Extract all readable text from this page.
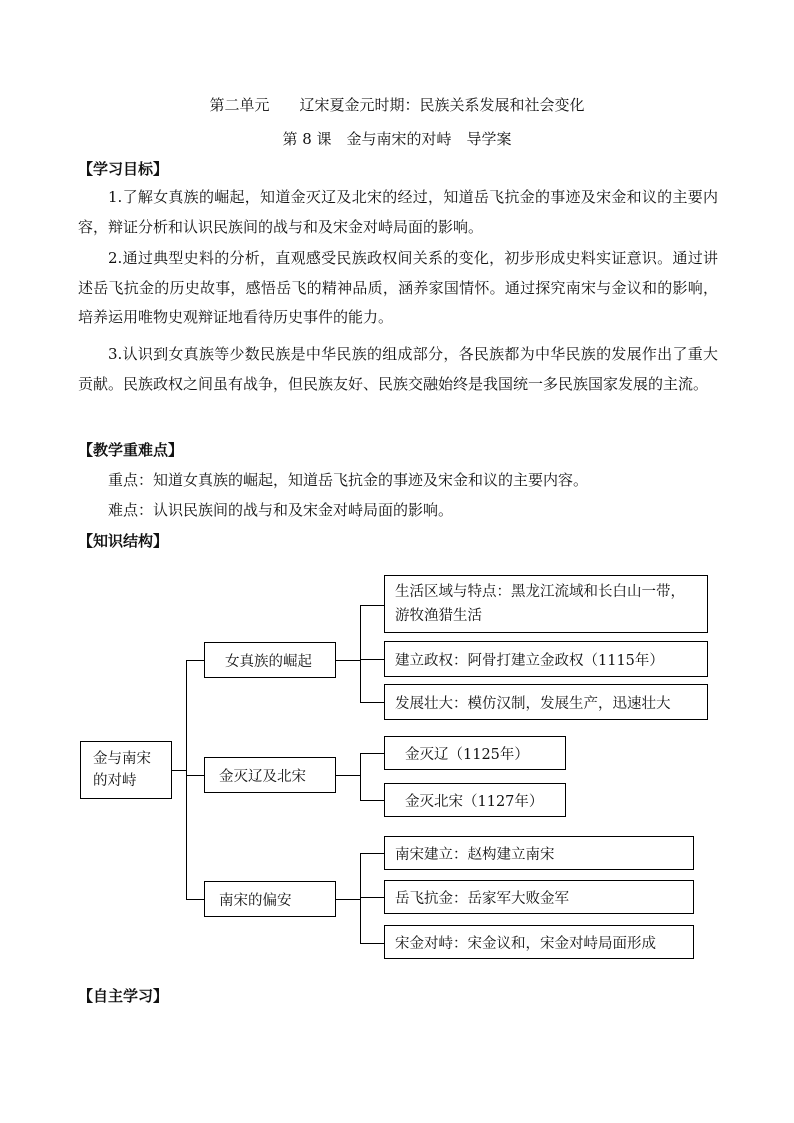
第二单元　　辽宋夏金元时期：民族关系发展和社会变化
第 8 课　金与南宋的对峙　导学案
【学习目标】
1.了解女真族的崛起，知道金灭辽及北宋的经过，知道岳飞抗金的事迹及宋金和议的主要内容，辩证分析和认识民族间的战与和及宋金对峙局面的影响。
2.通过典型史料的分析，直观感受民族政权间关系的变化，初步形成史料实证意识。通过讲述岳飞抗金的历史故事，感悟岳飞的精神品质，涵养家国情怀。通过探究南宋与金议和的影响，培养运用唯物史观辩证地看待历史事件的能力。
3.认识到女真族等少数民族是中华民族的组成部分，各民族都为中华民族的发展作出了重大贡献。民族政权之间虽有战争，但民族友好、民族交融始终是我国统一多民族国家发展的主流。
【教学重难点】
重点：知道女真族的崛起，知道岳飞抗金的事迹及宋金和议的主要内容。
难点：认识民族间的战与和及宋金对峙局面的影响。
【知识结构】
金与南宋的对峙
女真族的崛起
金灭辽及北宋
南宋的偏安
生活区域与特点：黑龙江流域和长白山一带，游牧渔猎生活
建立政权：阿骨打建立金政权（1115年）
发展壮大：模仿汉制，发展生产，迅速壮大
金灭辽（1125年）
金灭北宋（1127年）
南宋建立：赵构建立南宋
岳飞抗金：岳家军大败金军
宋金对峙：宋金议和，宋金对峙局面形成
【自主学习】
